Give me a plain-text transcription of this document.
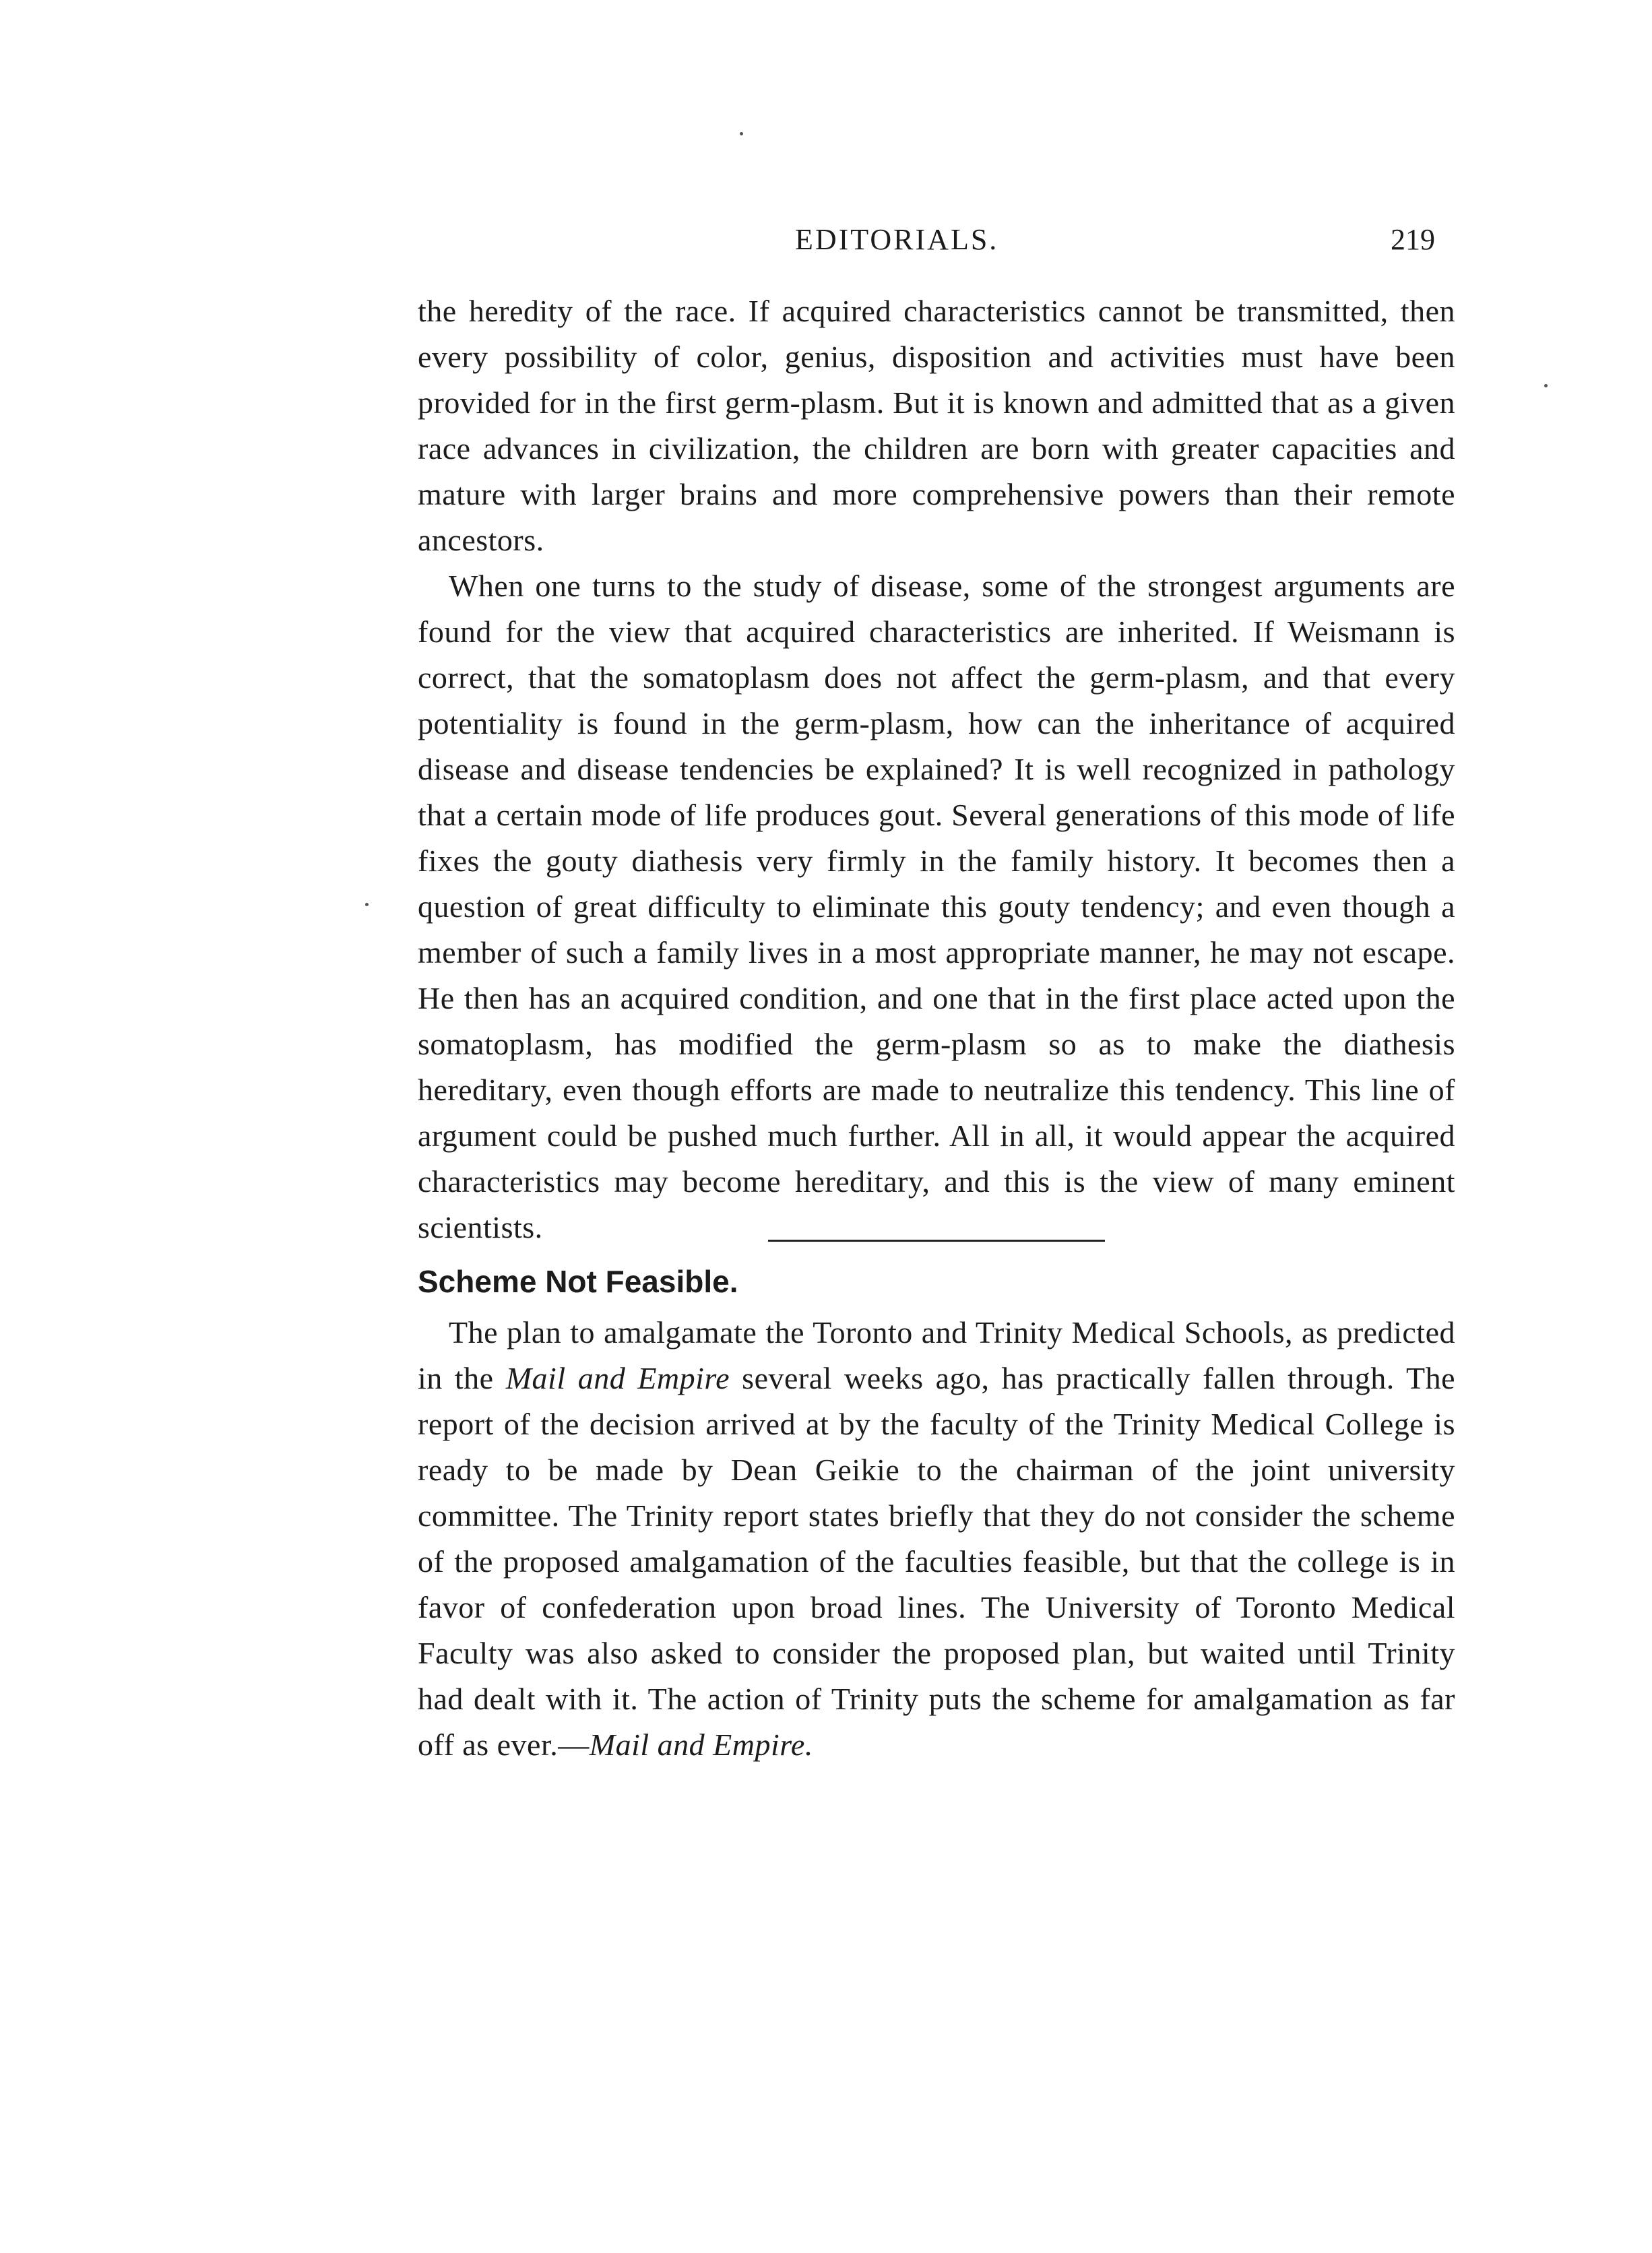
EDITORIALS.	219

the heredity of the race. If acquired characteristics cannot be transmitted, then every possibility of color, genius, disposition and activities must have been provided for in the first germ-plasm. But it is known and admitted that as a given race advances in civilization, the children are born with greater capacities and mature with larger brains and more comprehensive powers than their remote ancestors.

When one turns to the study of disease, some of the strongest arguments are found for the view that acquired characteristics are inherited. If Weismann is correct, that the somatoplasm does not affect the germ-plasm, and that every potentiality is found in the germ-plasm, how can the inheritance of acquired disease and disease tendencies be explained? It is well recognized in pathology that a certain mode of life produces gout. Several generations of this mode of life fixes the gouty diathesis very firmly in the family history. It becomes then a question of great difficulty to eliminate this gouty tendency; and even though a member of such a family lives in a most appropriate manner, he may not escape. He then has an acquired condition, and one that in the first place acted upon the somatoplasm, has modified the germ-plasm so as to make the diathesis hereditary, even though efforts are made to neutralize this tendency. This line of argument could be pushed much further. All in all, it would appear the acquired characteristics may become hereditary, and this is the view of many eminent scientists.

Scheme Not Feasible.

The plan to amalgamate the Toronto and Trinity Medical Schools, as predicted in the Mail and Empire several weeks ago, has practically fallen through. The report of the decision arrived at by the faculty of the Trinity Medical College is ready to be made by Dean Geikie to the chairman of the joint university committee. The Trinity report states briefly that they do not consider the scheme of the proposed amalgamation of the faculties feasible, but that the college is in favor of confederation upon broad lines. The University of Toronto Medical Faculty was also asked to consider the proposed plan, but waited until Trinity had dealt with it. The action of Trinity puts the scheme for amalgamation as far off as ever.—Mail and Empire.
